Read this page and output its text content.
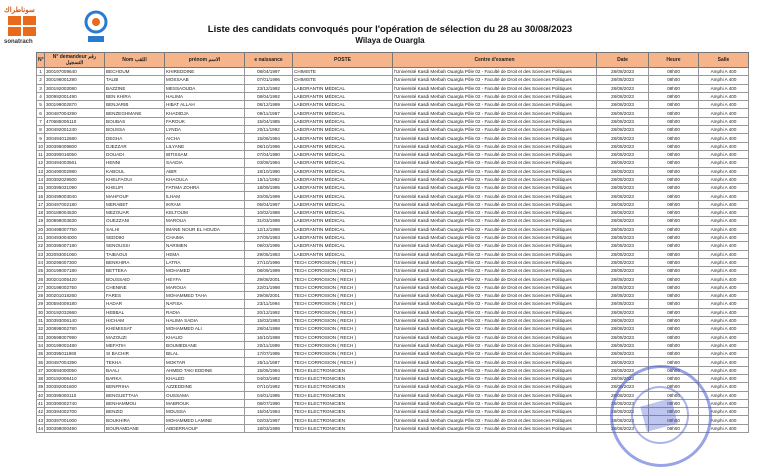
سوناطراك
sonatrach
Liste des candidats convoqués pour l'opération de sélection du 28 au 30/08/2023
Wilaya de Ouargla
N°	N° demandeur رقم التسجيل	Nom اللقب	prénom الاسم	e naissance	POSTE	Centre d'examen	Date	Heure	Salle
1	300197009640	BECHOUM	KHIREDDINE	08/04/1997	CHIMISTE	l'Université Kasdi Merbah Ouargla Pôle 02 - Faculté de Droit et des Sciences Politiques	28/08/2023	08h00	Amphi A 400
2	300196001290	TALBI	MOSSAAB	07/01/1996	CHIMISTE	l'Université Kasdi Merbah Ouargla Pôle 02 - Faculté de Droit et des Sciences Politiques	28/08/2023	08h00	Amphi A 400
3	300192003080	BAZZINE	MESSAOUDA	23/12/1992	LABORANTIN MÉDICAL	l'Université Kasdi Merbah Ouargla Pôle 02 - Faculté de Droit et des Sciences Politiques	28/08/2023	08h00	Amphi A 400
4	300992001490	BEN KHIRA	HALIMA	08/04/1992	LABORANTIN MÉDICAL	l'Université Kasdi Merbah Ouargla Pôle 02 - Faculté de Droit et des Sciences Politiques	28/08/2023	08h00	Amphi A 400
5	300199002870	BENJARIB	HIBAT ALLAH	08/12/1999	LABORANTIN MÉDICAL	l'Université Kasdi Merbah Ouargla Pôle 02 - Faculté de Droit et des Sciences Politiques	28/08/2023	08h00	Amphi A 400
6	300487004290	BENZEGHMANE	KHADIDJA	09/11/1987	LABORANTIN MÉDICAL	l'Université Kasdi Merbah Ouargla Pôle 02 - Faculté de Droit et des Sciences Politiques	28/08/2023	08h00	Amphi A 400
7	470685006110	BOUBAS	FAROUK	15/04/1985	LABORANTIN MÉDICAL	l'Université Kasdi Merbah Ouargla Pôle 02 - Faculté de Droit et des Sciences Politiques	28/08/2023	08h00	Amphi A 400
8	300492001240	BOUSSA	LYNDA	20/11/1992	LABORANTIN MÉDICAL	l'Université Kasdi Merbah Ouargla Pôle 02 - Faculté de Droit et des Sciences Politiques	28/08/2023	08h00	Amphi A 400
9	300494012680	DEGHA	AICHA	15/06/1994	LABORANTIN MÉDICAL	l'Université Kasdi Merbah Ouargla Pôle 02 - Faculté de Droit et des Sciences Politiques	28/08/2023	08h00	Amphi A 400
10	300396009800	DJEZZAR	LILYANE	08/10/1996	LABORANTIN MÉDICAL	l'Université Kasdi Merbah Ouargla Pôle 02 - Faculté de Droit et des Sciences Politiques	28/08/2023	08h00	Amphi A 400
11	300390016050	DOUADI	IBTISSAM	07/04/1990	LABORANTIN MÉDICAL	l'Université Kasdi Merbah Ouargla Pôle 02 - Faculté de Droit et des Sciences Politiques	28/08/2023	08h00	Amphi A 400
12	300494003561	HENNI	SAADIA	03/08/1994	LABORANTIN MÉDICAL	l'Université Kasdi Merbah Ouargla Pôle 02 - Faculté de Droit et des Sciences Politiques	28/08/2023	08h00	Amphi A 400
13	300490002980	KABOUL	ABIR	18/10/1990	LABORANTIN MÉDICAL	l'Université Kasdi Merbah Ouargla Pôle 02 - Faculté de Droit et des Sciences Politiques	28/08/2023	08h00	Amphi A 400
14	300392029500	KHELFAOUI	KHAOULA	15/11/1992	LABORANTIN MÉDICAL	l'Université Kasdi Merbah Ouargla Pôle 02 - Faculté de Droit et des Sciences Politiques	28/08/2023	08h00	Amphi A 400
15	300395031090	KHELIFI	FATIMA ZOHRA	18/09/1995	LABORANTIN MÉDICAL	l'Université Kasdi Merbah Ouargla Pôle 02 - Faculté de Droit et des Sciences Politiques	28/08/2023	08h00	Amphi A 400
16	300499003040	MAHFOUF	ILHAM	20/05/1999	LABORANTIN MÉDICAL	l'Université Kasdi Merbah Ouargla Pôle 02 - Faculté de Droit et des Sciences Politiques	28/08/2023	08h00	Amphi A 400
17	300497002180	MERABET	IKRAM	05/04/1997	LABORANTIN MÉDICAL	l'Université Kasdi Merbah Ouargla Pôle 02 - Faculté de Droit et des Sciences Politiques	28/08/2023	08h00	Amphi A 400
18	300188004530	MEZOUAR	KELTOUM	10/02/1988	LABORANTIN MÉDICAL	l'Université Kasdi Merbah Ouargla Pôle 02 - Faculté de Droit et des Sciences Politiques	28/08/2023	08h00	Amphi A 400
19	300898003630	OUEZZANI	MAROUA	31/03/1998	LABORANTIN MÉDICAL	l'Université Kasdi Merbah Ouargla Pôle 02 - Faculté de Droit et des Sciences Politiques	28/08/2023	08h00	Amphi A 400
20	300498007750	SALHI	IMANE NOUR EL HOUDA	12/12/1998	LABORANTIN MÉDICAL	l'Université Kasdi Merbah Ouargla Pôle 02 - Faculté de Droit et des Sciences Politiques	28/08/2023	08h00	Amphi A 400
21	300493004000	SEDDIKI	CHAIMA	27/05/1993	LABORANTIN MÉDICAL	l'Université Kasdi Merbah Ouargla Pôle 02 - Faculté de Droit et des Sciences Politiques	28/08/2023	08h00	Amphi A 400
22	300395007180	SENOUSSI	NARIMEN	09/03/1995	LABORANTIN MÉDICAL	l'Université Kasdi Merbah Ouargla Pôle 02 - Faculté de Droit et des Sciences Politiques	28/08/2023	08h00	Amphi A 400
23	302093001060	TAIBAOUI	HEMA	29/05/1993	LABORANTIN MÉDICAL	l'Université Kasdi Merbah Ouargla Pôle 02 - Faculté de Droit et des Sciences Politiques	28/08/2023	08h00	Amphi A 400
24	300296007300	BENKHIRA	LATRA	27/10/1996	TECH CORROSION ( RECH )	l'Université Kasdi Merbah Ouargla Pôle 02 - Faculté de Droit et des Sciences Politiques	28/08/2023	08h00	Amphi A 400
25	300199007180	BETTEKA	MOHAMED	08/09/1999	TECH CORROSION ( RECH )	l'Université Kasdi Merbah Ouargla Pôle 02 - Faculté de Droit et des Sciences Politiques	28/08/2023	08h00	Amphi A 400
26	300201005420	BOUSSAID	HEYFA	29/08/2001	TECH CORROSION ( RECH )	l'Université Kasdi Merbah Ouargla Pôle 02 - Faculté de Droit et des Sciences Politiques	28/08/2023	08h00	Amphi A 400
27	300198002750	CHENINE	MAROUA	22/01/1998	TECH CORROSION ( RECH )	l'Université Kasdi Merbah Ouargla Pôle 02 - Faculté de Droit et des Sciences Politiques	28/08/2023	08h00	Amphi A 400
28	300201018260	FARES	MOHAMMED TAHA	29/08/2001	TECH CORROSION ( RECH )	l'Université Kasdi Merbah Ouargla Pôle 02 - Faculté de Droit et des Sciences Politiques	28/08/2023	08h00	Amphi A 400
29	300594009180	HADAR	NAFISA	23/11/1994	TECH CORROSION ( RECH )	l'Université Kasdi Merbah Ouargla Pôle 02 - Faculté de Droit et des Sciences Politiques	28/08/2023	08h00	Amphi A 400
30	300192032660	HEBBAL	RADIA	20/12/1992	TECH CORROSION ( RECH )	l'Université Kasdi Merbah Ouargla Pôle 02 - Faculté de Droit et des Sciences Politiques	28/08/2023	08h00	Amphi A 400
31	300393006140	HICHAM	HALIMA SADIA	15/03/1993	TECH CORROSION ( RECH )	l'Université Kasdi Merbah Ouargla Pôle 02 - Faculté de Droit et des Sciences Politiques	28/08/2023	08h00	Amphi A 400
32	300898002780	KHEMISSAT	MOHAMMED ALI	28/04/1998	TECH CORROSION ( RECH )	l'Université Kasdi Merbah Ouargla Pôle 02 - Faculté de Droit et des Sciences Politiques	28/08/2023	08h00	Amphi A 400
33	300598007990	MAZOUZI	KHALID	16/10/1998	TECH CORROSION ( RECH )	l'Université Kasdi Merbah Ouargla Pôle 02 - Faculté de Droit et des Sciences Politiques	28/08/2023	08h00	Amphi A 400
34	300199002480	MEFATIH	BOUMEDIANE	20/11/1999	TECH CORROSION ( RECH )	l'Université Kasdi Merbah Ouargla Pôle 02 - Faculté de Droit et des Sciences Politiques	28/08/2023	08h00	Amphi A 400
35	300395011960	SI BACHIR	BILAL	17/07/1995	TECH CORROSION ( RECH )	l'Université Kasdi Merbah Ouargla Pôle 02 - Faculté de Droit et des Sciences Politiques	28/08/2023	08h00	Amphi A 400
36	300487004390	TEKHA	MOKTAR	25/11/1987	TECH CORROSION ( RECH )	l'Université Kasdi Merbah Ouargla Pôle 02 - Faculté de Droit et des Sciences Politiques	28/08/2023	08h00	Amphi A 400
37	300594000050	BAALI	AHMED TAKI EDDINE	15/05/1994	TECH ELECTRONICIEN	l'Université Kasdi Merbah Ouargla Pôle 02 - Faculté de Droit et des Sciences Politiques	28/08/2023	08h00	Amphi A 400
38	300192006410	BARKA	KHALED	04/03/1992	TECH ELECTRONICIEN	l'Université Kasdi Merbah Ouargla Pôle 02 - Faculté de Droit et des Sciences Politiques	28/08/2023	08h00	Amphi A 400
39	300392001600	BENFRIHA	AZZEDDINE	07/10/1992	TECH ELECTRONICIEN	l'Université Kasdi Merbah Ouargla Pôle 02 - Faculté de Droit et des Sciences Politiques	28/08/2023	08h00	Amphi A 400
40	300395000110	BENGUETTAIA	OUSSAMA	04/01/1995	TECH ELECTRONICIEN	l'Université Kasdi Merbah Ouargla Pôle 02 - Faculté de Droit et des Sciences Politiques	28/08/2023	08h00	Amphi A 400
41	300390002740	BENHAMMOU	MABROUK	08/07/1990	TECH ELECTRONICIEN	l'Université Kasdi Merbah Ouargla Pôle 02 - Faculté de Droit et des Sciences Politiques	28/08/2023	08h00	Amphi A 400
42	300394002700	BENZID	MOUSSA	15/04/1994	TECH ELECTRONICIEN	l'Université Kasdi Merbah Ouargla Pôle 02 - Faculté de Droit et des Sciences Politiques	28/08/2023	08h00	Amphi A 400
43	300397001000	BOUKHIRA	MOHAMMED LAMINE	02/03/1997	TECH ELECTRONICIEN	l'Université Kasdi Merbah Ouargla Pôle 02 - Faculté de Droit et des Sciences Politiques	28/08/2023	08h00	Amphi A 400
44	300398000490	BOURAMDANE	ABDERRAOUF	18/03/1998	TECH ELECTRONICIEN	l'Université Kasdi Merbah Ouargla Pôle 02 - Faculté de Droit et des Sciences Politiques	28/08/2023	08h00	Amphi A 400
